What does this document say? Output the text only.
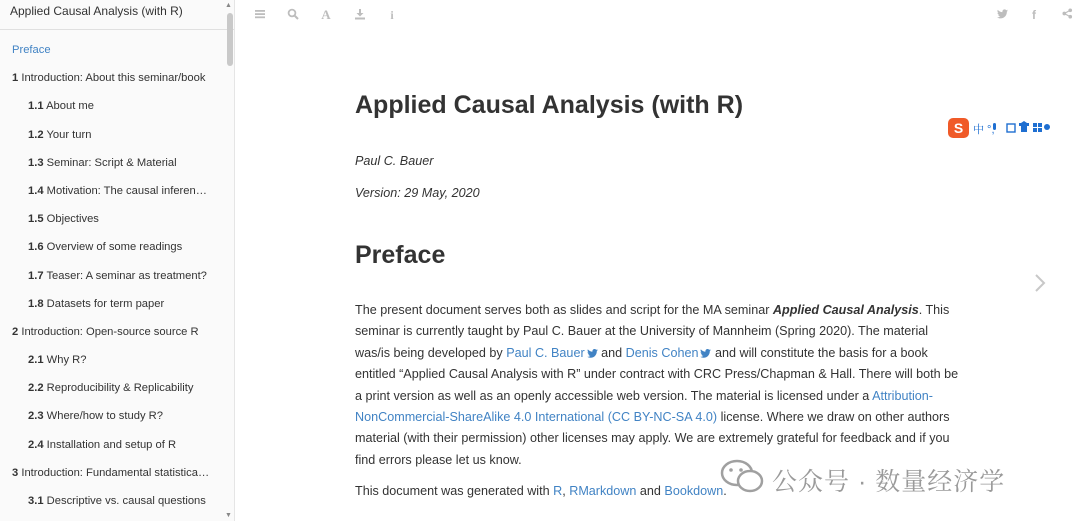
Applied Causal Analysis (with R)
Preface
1 Introduction: About this seminar/book
1.1 About me
1.2 Your turn
1.3 Seminar: Script & Material
1.4 Motivation: The causal inferen…
1.5 Objectives
1.6 Overview of some readings
1.7 Teaser: A seminar as treatment?
1.8 Datasets for term paper
2 Introduction: Open-source source R
2.1 Why R?
2.2 Reproducibility & Replicability
2.3 Where/how to study R?
2.4 Installation and setup of R
3 Introduction: Fundamental statistica…
3.1 Descriptive vs. causal questions
▲
▼
A	i	f
Applied Causal Analysis (with R)
Paul C. Bauer
Version: 29 May, 2020
Preface

The present document serves both as slides and script for the MA seminar Applied Causal Analysis. This seminar is currently taught by Paul C. Bauer at the University of Mannheim (Spring 2020). The material was/is being developed by Paul C. Bauer and Denis Cohen and will constitute the basis for a book entitled “Applied Causal Analysis with R” under contract with CRC Press/Chapman & Hall. There will both be a print version as well as an openly accessible web version. The material is licensed under a Attribution-NonCommercial-ShareAlike 4.0 International (CC BY-NC-SA 4.0) license. Where we draw on other authors material (with their permission) other licenses may apply. We are extremely grateful for feedback and if you find errors please let us know.

This document was generated with R, RMarkdown and Bookdown.

S 中 °,
公众号 · 数量经济学
